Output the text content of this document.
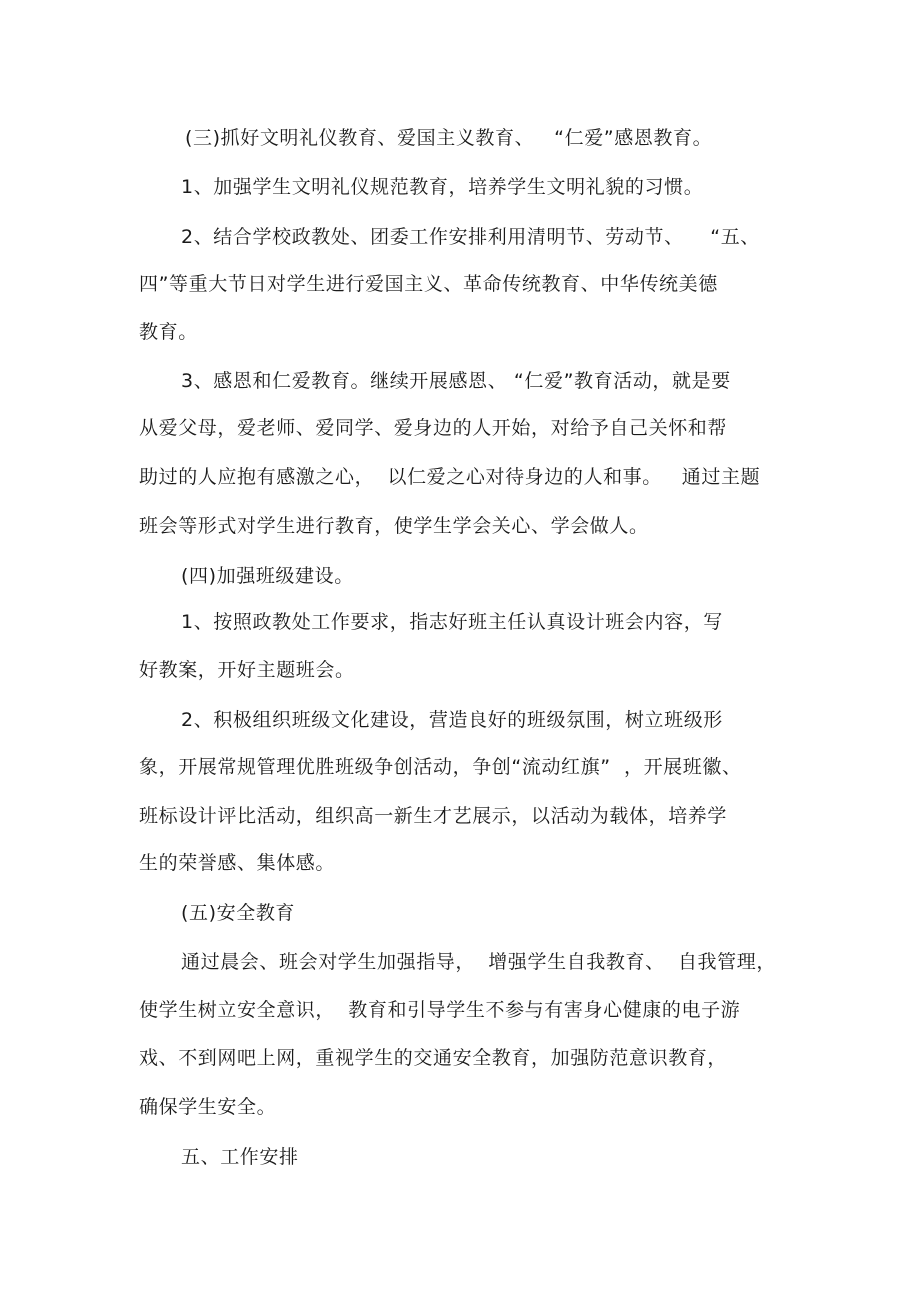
(三)抓好文明礼仪教育、爱国主义教育、   “仁爱”感恩教育。
1、加强学生文明礼仪规范教育，培养学生文明礼貌的习惯。
2、结合学校政教处、团委工作安排利用清明节、劳动节、    “五、
四”等重大节日对学生进行爱国主义、革命传统教育、中华传统美德
教育。
3、感恩和仁爱教育。继续开展感恩、 “仁爱”教育活动，就是要
从爱父母，爱老师、爱同学、爱身边的人开始，对给予自己关怀和帮
助过的人应抱有感激之心，  以仁爱之心对待身边的人和事。   通过主题
班会等形式对学生进行教育，使学生学会关心、学会做人。
(四)加强班级建设。
1、按照政教处工作要求，指志好班主任认真设计班会内容，写
好教案，开好主题班会。
2、积极组织班级文化建设，营造良好的班级氛围，树立班级形
象，开展常规管理优胜班级争创活动，争创“流动红旗”  ，开展班徽、
班标设计评比活动，组织高一新生才艺展示，以活动为载体，培养学
生的荣誉感、集体感。
(五)安全教育
通过晨会、班会对学生加强指导，  增强学生自我教育、  自我管理，
使学生树立安全意识，  教育和引导学生不参与有害身心健康的电子游
戏、不到网吧上网，重视学生的交通安全教育，加强防范意识教育，
确保学生安全。
五、工作安排
